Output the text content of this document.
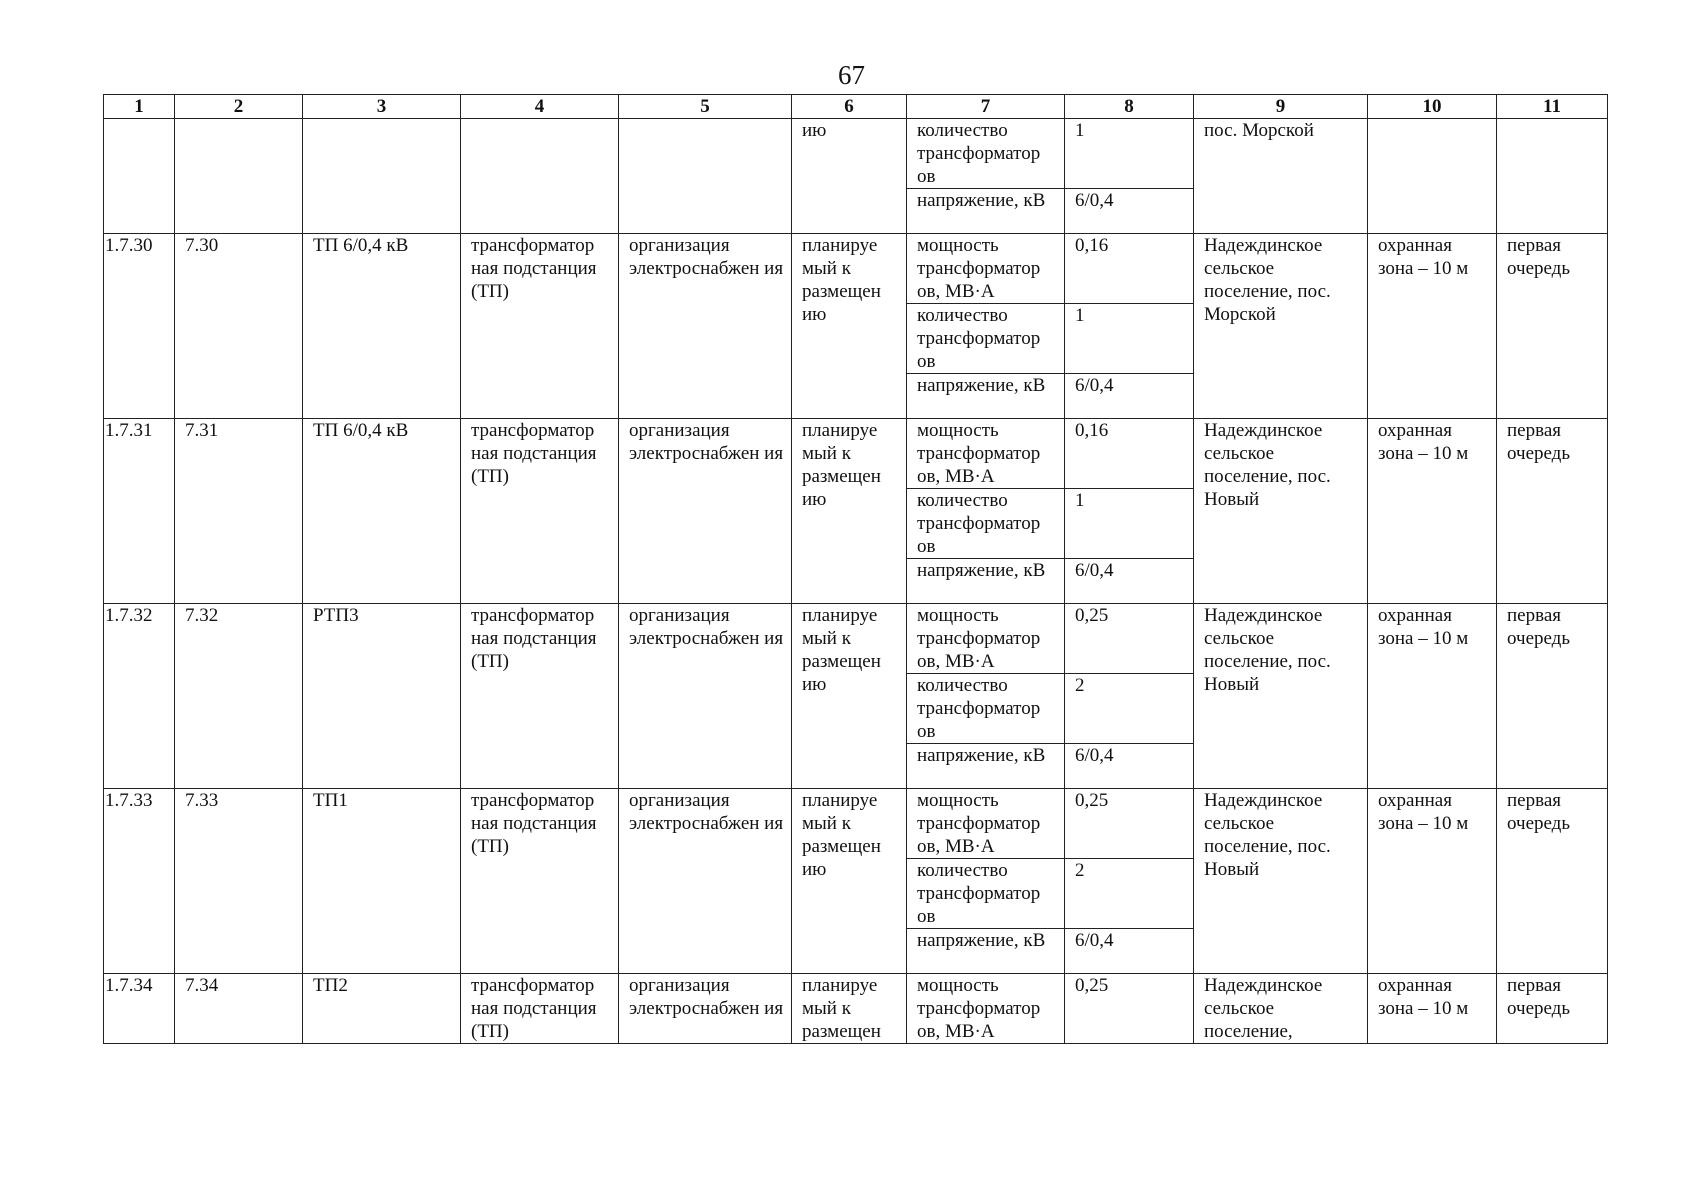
67
1	2	3	4	5	6	7	8	9	10	11
					ию	количество трансформатор ов	1	пос. Морской		
						напряжение, кВ	6/0,4			
1.7.30	7.30	ТП 6/0,4 кВ	трансформатор ная подстанция (ТП)	организация электроснабжен ия	планируе мый к размещен ию	мощность трансформатор ов, МВ·А	0,16	Надеждинское сельское поселение, пос. Морской	охранная зона – 10 м	первая очередь
						количество трансформатор ов	1			
						напряжение, кВ	6/0,4			
1.7.31	7.31	ТП 6/0,4 кВ	трансформатор ная подстанция (ТП)	организация электроснабжен ия	планируе мый к размещен ию	мощность трансформатор ов, МВ·А	0,16	Надеждинское сельское поселение, пос. Новый	охранная зона – 10 м	первая очередь
						количество трансформатор ов	1			
						напряжение, кВ	6/0,4			
1.7.32	7.32	РТП3	трансформатор ная подстанция (ТП)	организация электроснабжен ия	планируе мый к размещен ию	мощность трансформатор ов, МВ·А	0,25	Надеждинское сельское поселение, пос. Новый	охранная зона – 10 м	первая очередь
						количество трансформатор ов	2			
						напряжение, кВ	6/0,4			
1.7.33	7.33	ТП1	трансформатор ная подстанция (ТП)	организация электроснабжен ия	планируе мый к размещен ию	мощность трансформатор ов, МВ·А	0,25	Надеждинское сельское поселение, пос. Новый	охранная зона – 10 м	первая очередь
						количество трансформатор ов	2			
						напряжение, кВ	6/0,4			
1.7.34	7.34	ТП2	трансформатор ная подстанция (ТП)	организация электроснабжен ия	планируе мый к размещен	мощность трансформатор ов, МВ·А	0,25	Надеждинское сельское поселение,	охранная зона – 10 м	первая очередь
